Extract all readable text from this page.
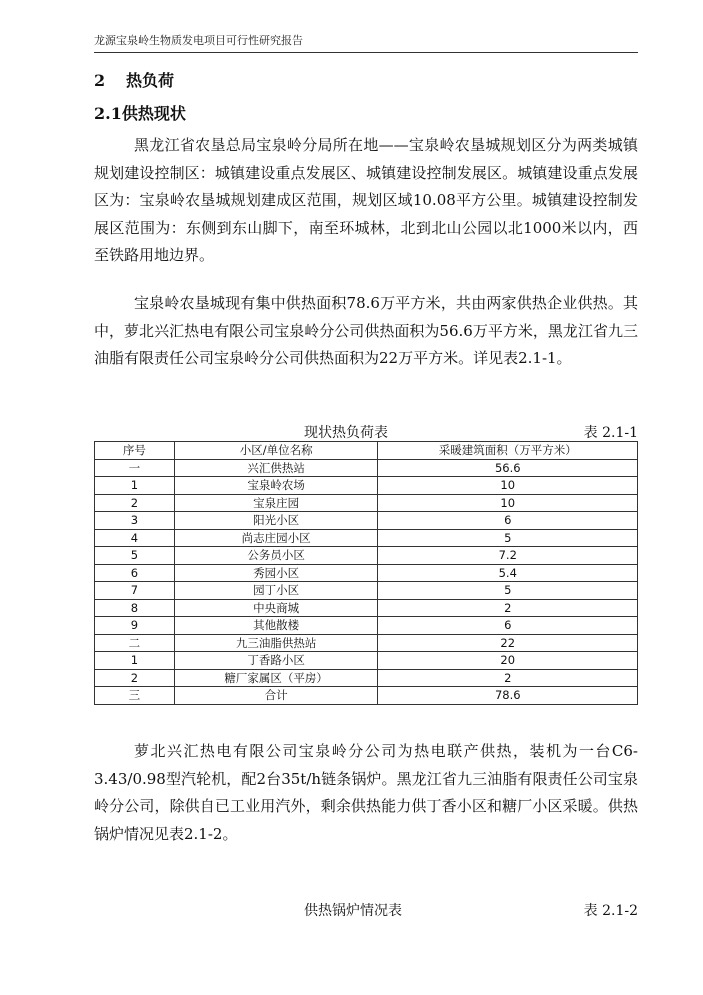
龙源宝泉岭生物质发电项目可行性研究报告
2 热负荷
2.1供热现状

黑龙江省农垦总局宝泉岭分局所在地——宝泉岭农垦城规划区分为两类城镇规划建设控制区：城镇建设重点发展区、城镇建设控制发展区。城镇建设重点发展区为：宝泉岭农垦城规划建成区范围，规划区域10.08平方公里。城镇建设控制发展区范围为：东侧到东山脚下，南至环城林，北到北山公园以北1000米以内，西至铁路用地边界。

宝泉岭农垦城现有集中供热面积78.6万平方米，共由两家供热企业供热。其中，萝北兴汇热电有限公司宝泉岭分公司供热面积为56.6万平方米，黑龙江省九三油脂有限责任公司宝泉岭分公司供热面积为22万平方米。详见表2.1-1。

现状热负荷表	表 2.1-1
序号	小区/单位名称	采暖建筑面积（万平方米）
一	兴汇供热站	56.6
1	宝泉岭农场	10
2	宝泉庄园	10
3	阳光小区	6
4	尚志庄园小区	5
5	公务员小区	7.2
6	秀园小区	5.4
7	园丁小区	5
8	中央商城	2
9	其他散楼	6
二	九三油脂供热站	22
1	丁香路小区	20
2	糖厂家属区（平房）	2
三	合计	78.6

萝北兴汇热电有限公司宝泉岭分公司为热电联产供热，装机为一台C6-3.43/0.98型汽轮机，配2台35t/h链条锅炉。黑龙江省九三油脂有限责任公司宝泉岭分公司，除供自已工业用汽外，剩余供热能力供丁香小区和糖厂小区采暖。供热锅炉情况见表2.1-2。

供热锅炉情况表	表 2.1-2
